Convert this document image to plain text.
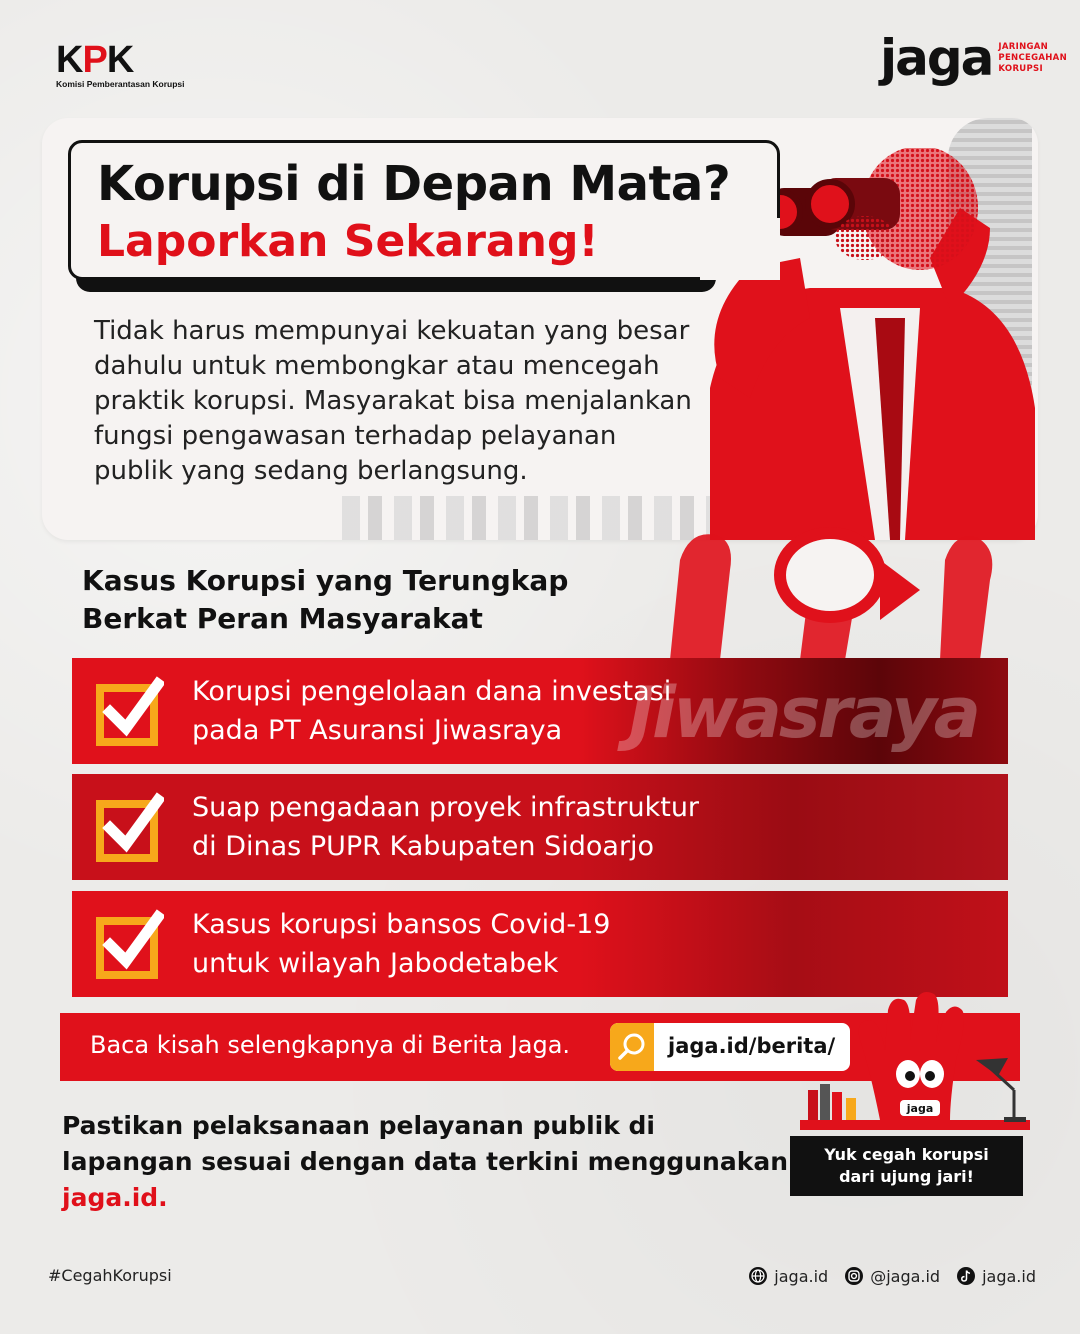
KPK
Komisi Pemberantasan Korupsi	jaga JARINGAN
PENCEGAHAN
KORUPSI
Korupsi di Depan Mata?
Laporkan Sekarang!
Tidak harus mempunyai kekuatan yang besar dahulu untuk membongkar atau mencegah praktik korupsi. Masyarakat bisa menjalankan fungsi pengawasan terhadap pelayanan publik yang sedang berlangsung.
Kasus Korupsi yang Terungkap
Berkat Peran Masyarakat
Jiwasraya
Korupsi pengelolaan dana investasi
pada PT Asuransi Jiwasraya
Suap pengadaan proyek infrastruktur
di Dinas PUPR Kabupaten Sidoarjo
Kasus korupsi bansos Covid-19
untuk wilayah Jabodetabek
Baca kisah selengkapnya di Berita Jaga.	jaga.id/berita/
jaga
Yuk cegah korupsi
dari ujung jari!
Pastikan pelaksanaan pelayanan publik di lapangan sesuai dengan data terkini menggunakan jaga.id.
#CegahKorupsi	jaga.id	@jaga.id	jaga.id
